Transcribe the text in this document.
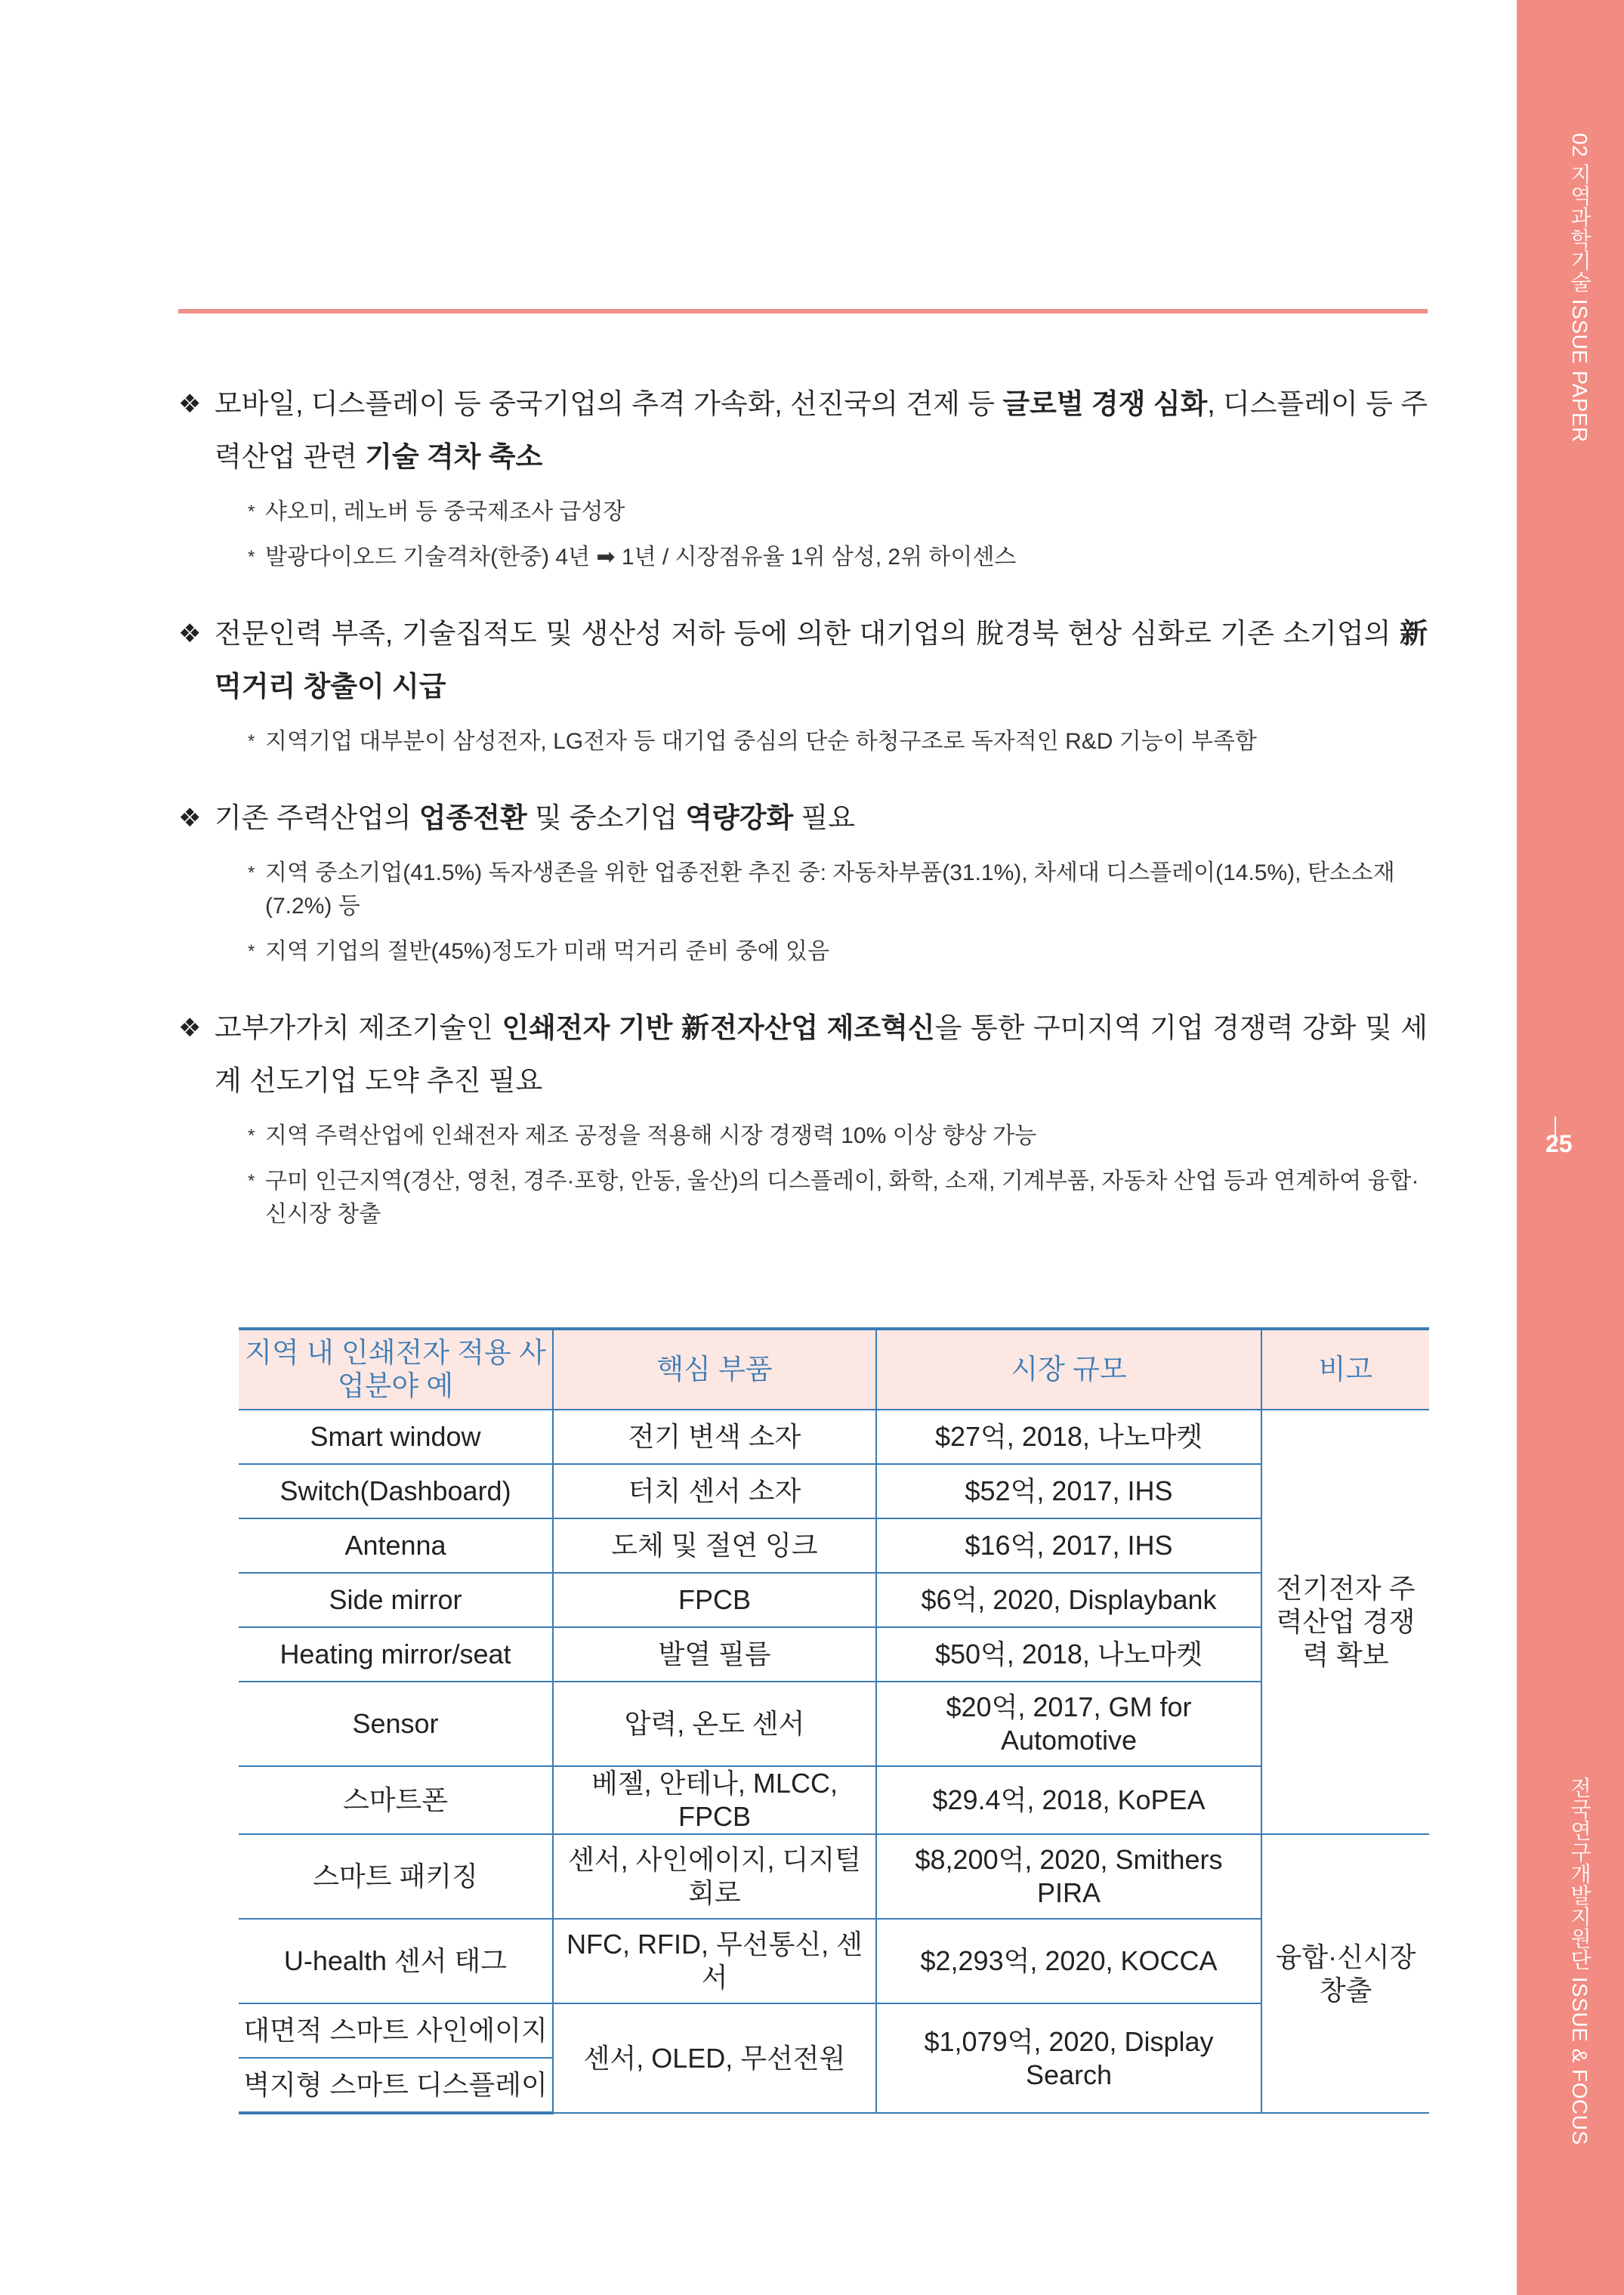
02 지역과학기술 ISSUE PAPER
25
전국연구개발지원단 ISSUE & FOCUS
❖ 모바일, 디스플레이 등 중국기업의 추격 가속화, 선진국의 견제 등 글로벌 경쟁 심화, 디스플레이 등 주력산업 관련 기술 격차 축소
* 샤오미, 레노버 등 중국제조사 급성장
* 발광다이오드 기술격차(한중) 4년 ➡ 1년 / 시장점유율 1위 삼성, 2위 하이센스
❖ 전문인력 부족, 기술집적도 및 생산성 저하 등에 의한 대기업의 脫경북 현상 심화로 기존 소기업의 新먹거리 창출이 시급
* 지역기업 대부분이 삼성전자, LG전자 등 대기업 중심의 단순 하청구조로 독자적인 R&D 기능이 부족함
❖ 기존 주력산업의 업종전환 및 중소기업 역량강화 필요
* 지역 중소기업(41.5%) 독자생존을 위한 업종전환 추진 중: 자동차부품(31.1%), 차세대 디스플레이(14.5%), 탄소소재(7.2%) 등
* 지역 기업의 절반(45%)정도가 미래 먹거리 준비 중에 있음
❖ 고부가가치 제조기술인 인쇄전자 기반 新전자산업 제조혁신을 통한 구미지역 기업 경쟁력 강화 및 세계 선도기업 도약 추진 필요
* 지역 주력산업에 인쇄전자 제조 공정을 적용해 시장 경쟁력 10% 이상 향상 가능
* 구미 인근지역(경산, 영천, 경주·포항, 안동, 울산)의 디스플레이, 화학, 소재, 기계부품, 자동차 산업 등과 연계하여 융합·신시장 창출
지역 내 인쇄전자 적용 사업분야 예	핵심 부품	시장 규모	비고
Smart window	전기 변색 소자	$27억, 2018, 나노마켓	전기전자 주력산업 경쟁력 확보
Switch(Dashboard)	터치 센서 소자	$52억, 2017, IHS	
Antenna	도체 및 절연 잉크	$16억, 2017, IHS	
Side mirror	FPCB	$6억, 2020, Displaybank	
Heating mirror/seat	발열 필름	$50억, 2018, 나노마켓	
Sensor	압력, 온도 센서	$20억, 2017, GM for Automotive	
스마트폰	베젤, 안테나, MLCC, FPCB	$29.4억, 2018, KoPEA	
스마트 패키징	센서, 사인에이지, 디지털 회로	$8,200억, 2020, Smithers PIRA	융합·신시장 창출
U-health 센서 태그	NFC, RFID, 무선통신, 센서	$2,293억, 2020, KOCCA	
대면적 스마트 사인에이지	센서, OLED, 무선전원	$1,079억, 2020, Display Search	
벽지형 스마트 디스플레이			
